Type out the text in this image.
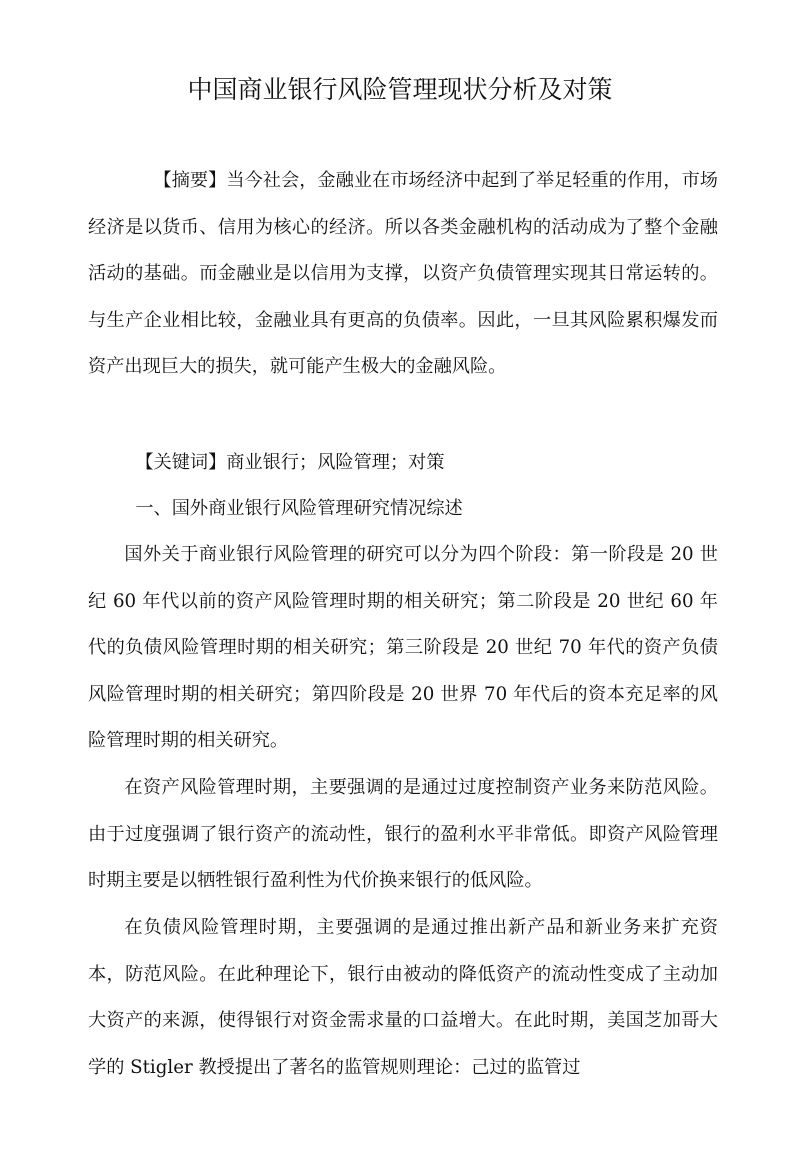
中国商业银行风险管理现状分析及对策

【摘要】当今社会，金融业在市场经济中起到了举足轻重的作用，市场经济是以货币、信用为核心的经济。所以各类金融机构的活动成为了整个金融活动的基础。而金融业是以信用为支撑，以资产负债管理实现其日常运转的。与生产企业相比较，金融业具有更高的负债率。因此，一旦其风险累积爆发而资产出现巨大的损失，就可能产生极大的金融风险。

【关键词】商业银行；风险管理；对策

一、国外商业银行风险管理研究情况综述

国外关于商业银行风险管理的研究可以分为四个阶段：第一阶段是 20 世纪 60 年代以前的资产风险管理时期的相关研究；第二阶段是 20 世纪 60 年代的负债风险管理时期的相关研究；第三阶段是 20 世纪 70 年代的资产负债风险管理时期的相关研究；第四阶段是 20 世界 70 年代后的资本充足率的风险管理时期的相关研究。

在资产风险管理时期，主要强调的是通过过度控制资产业务来防范风险。由于过度强调了银行资产的流动性，银行的盈利水平非常低。即资产风险管理时期主要是以牺牲银行盈利性为代价换来银行的低风险。

在负债风险管理时期，主要强调的是通过推出新产品和新业务来扩充资本，防范风险。在此种理论下，银行由被动的降低资产的流动性变成了主动加大资产的来源，使得银行对资金需求量的口益增大。在此时期，美国芝加哥大学的 Stigler 教授提出了著名的监管规则理论：己过的监管过
